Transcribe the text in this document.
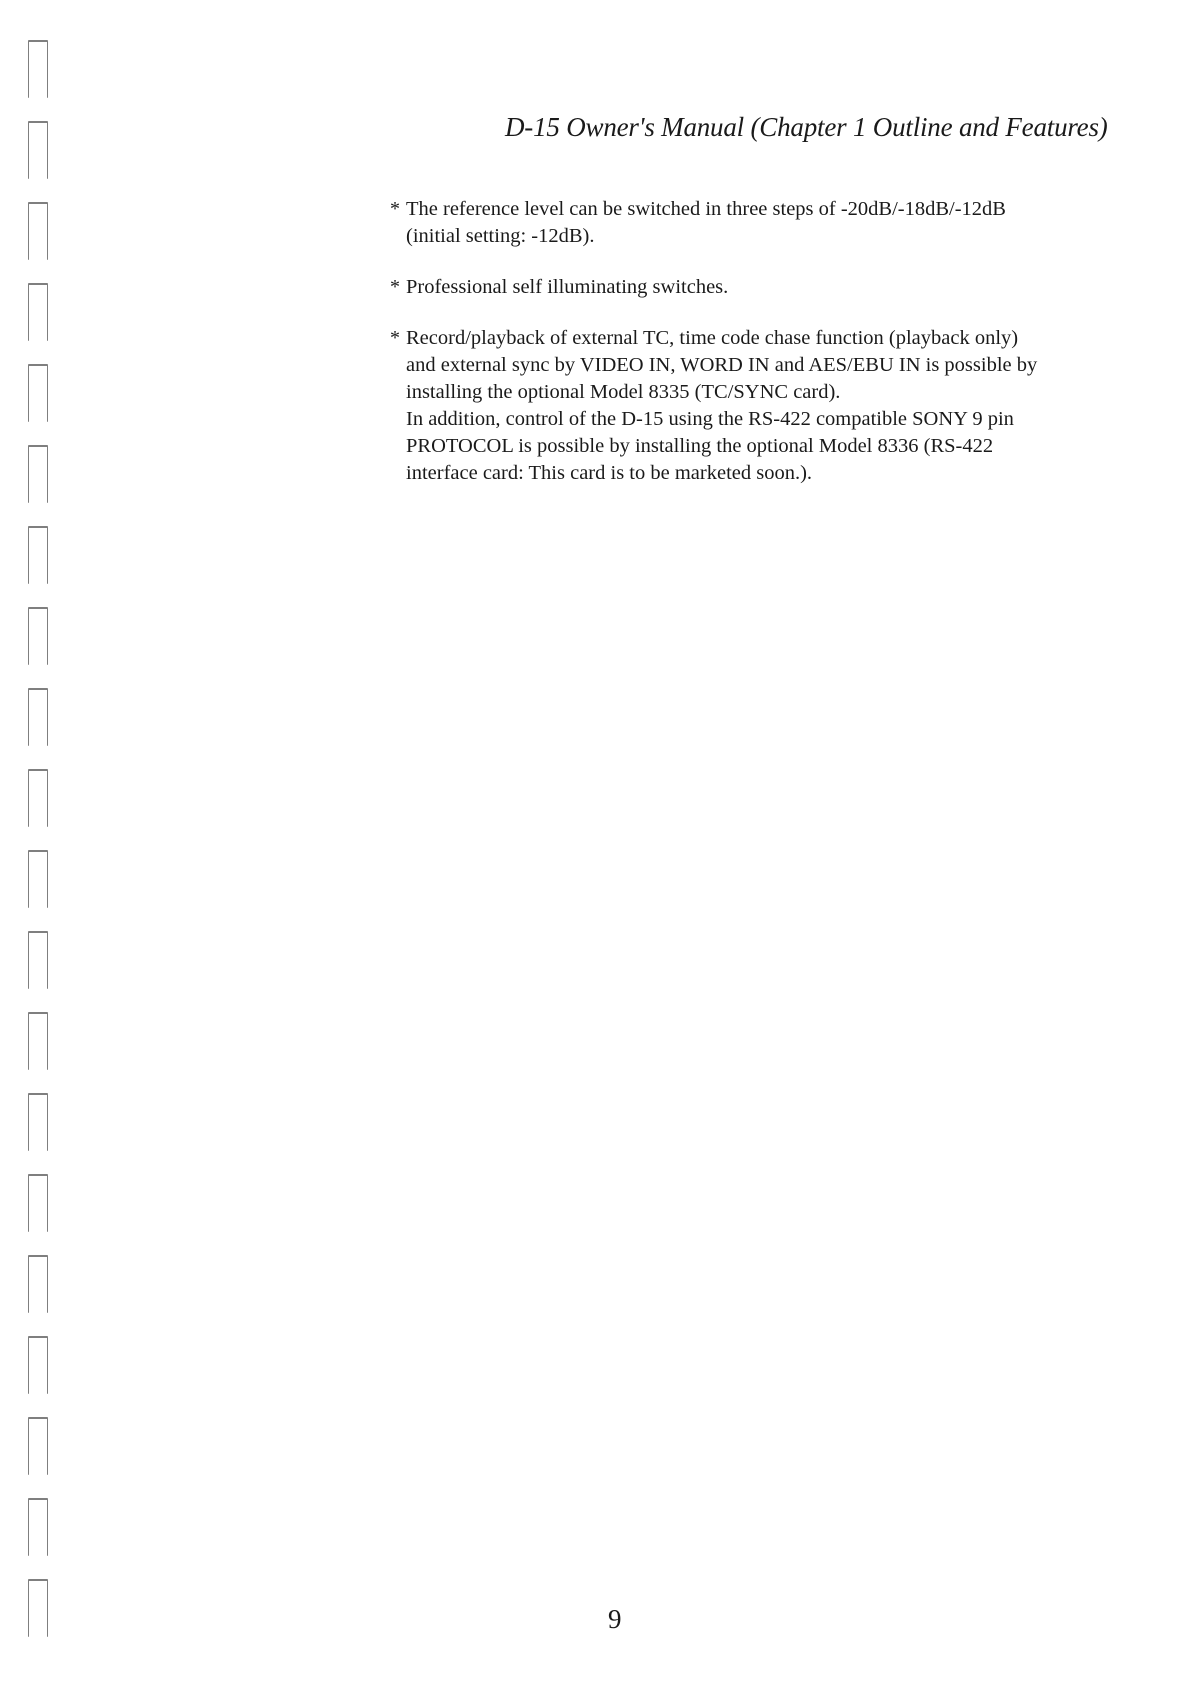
D-15 Owner's Manual (Chapter 1 Outline and Features)
* The reference level can be switched in three steps of -20dB/-18dB/-12dB
(initial setting: -12dB).
* Professional self illuminating switches.
* Record/playback of external TC, time code chase function (playback only)
and external sync by VIDEO IN, WORD IN and AES/EBU IN is possible by
installing the optional Model 8335 (TC/SYNC card).
In addition, control of the D-15 using the RS-422 compatible SONY 9 pin
PROTOCOL is possible by installing the optional Model 8336 (RS-422
interface card: This card is to be marketed soon.).
9
